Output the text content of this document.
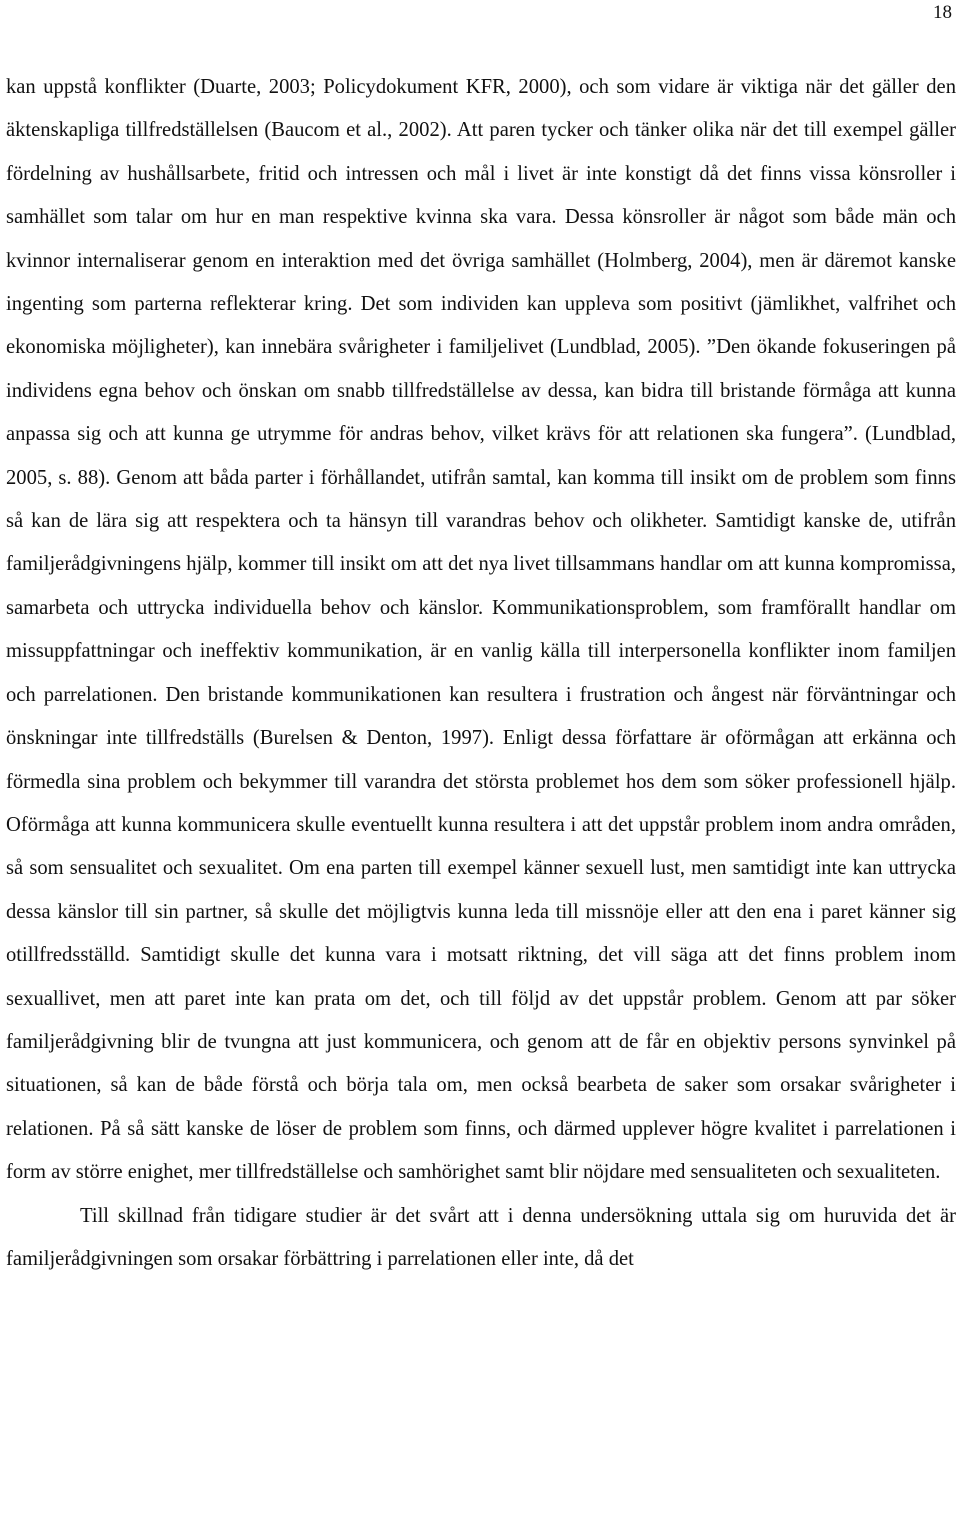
18

kan uppstå konflikter (Duarte, 2003; Policydokument KFR, 2000), och som vidare är viktiga när det gäller den äktenskapliga tillfredställelsen (Baucom et al., 2002). Att paren tycker och tänker olika när det till exempel gäller fördelning av hushållsarbete, fritid och intressen och mål i livet är inte konstigt då det finns vissa könsroller i samhället som talar om hur en man respektive kvinna ska vara. Dessa könsroller är något som både män och kvinnor internaliserar genom en interaktion med det övriga samhället (Holmberg, 2004), men är däremot kanske ingenting som parterna reflekterar kring. Det som individen kan uppleva som positivt (jämlikhet, valfrihet och ekonomiska möjligheter), kan innebära svårigheter i familjelivet (Lundblad, 2005). ”Den ökande fokuseringen på individens egna behov och önskan om snabb tillfredställelse av dessa, kan bidra till bristande förmåga att kunna anpassa sig och att kunna ge utrymme för andras behov, vilket krävs för att relationen ska fungera”. (Lundblad, 2005, s. 88). Genom att båda parter i förhållandet, utifrån samtal, kan komma till insikt om de problem som finns så kan de lära sig att respektera och ta hänsyn till varandras behov och olikheter. Samtidigt kanske de, utifrån familjerådgivningens hjälp, kommer till insikt om att det nya livet tillsammans handlar om att kunna kompromissa, samarbeta och uttrycka individuella behov och känslor. Kommunikationsproblem, som framförallt handlar om missuppfattningar och ineffektiv kommunikation, är en vanlig källa till interpersonella konflikter inom familjen och parrelationen. Den bristande kommunikationen kan resultera i frustration och ångest när förväntningar och önskningar inte tillfredställs (Burelsen & Denton, 1997). Enligt dessa författare är oförmågan att erkänna och förmedla sina problem och bekymmer till varandra det största problemet hos dem som söker professionell hjälp. Oförmåga att kunna kommunicera skulle eventuellt kunna resultera i att det uppstår problem inom andra områden, så som sensualitet och sexualitet. Om ena parten till exempel känner sexuell lust, men samtidigt inte kan uttrycka dessa känslor till sin partner, så skulle det möjligtvis kunna leda till missnöje eller att den ena i paret känner sig otillfredsställd. Samtidigt skulle det kunna vara i motsatt riktning, det vill säga att det finns problem inom sexuallivet, men att paret inte kan prata om det, och till följd av det uppstår problem. Genom att par söker familjerådgivning blir de tvungna att just kommunicera, och genom att de får en objektiv persons synvinkel på situationen, så kan de både förstå och börja tala om, men också bearbeta de saker som orsakar svårigheter i relationen. På så sätt kanske de löser de problem som finns, och därmed upplever högre kvalitet i parrelationen i form av större enighet, mer tillfredställelse och samhörighet samt blir nöjdare med sensualiteten och sexualiteten.

Till skillnad från tidigare studier är det svårt att i denna undersökning uttala sig om huruvida det är familjerådgivningen som orsakar förbättring i parrelationen eller inte, då det
